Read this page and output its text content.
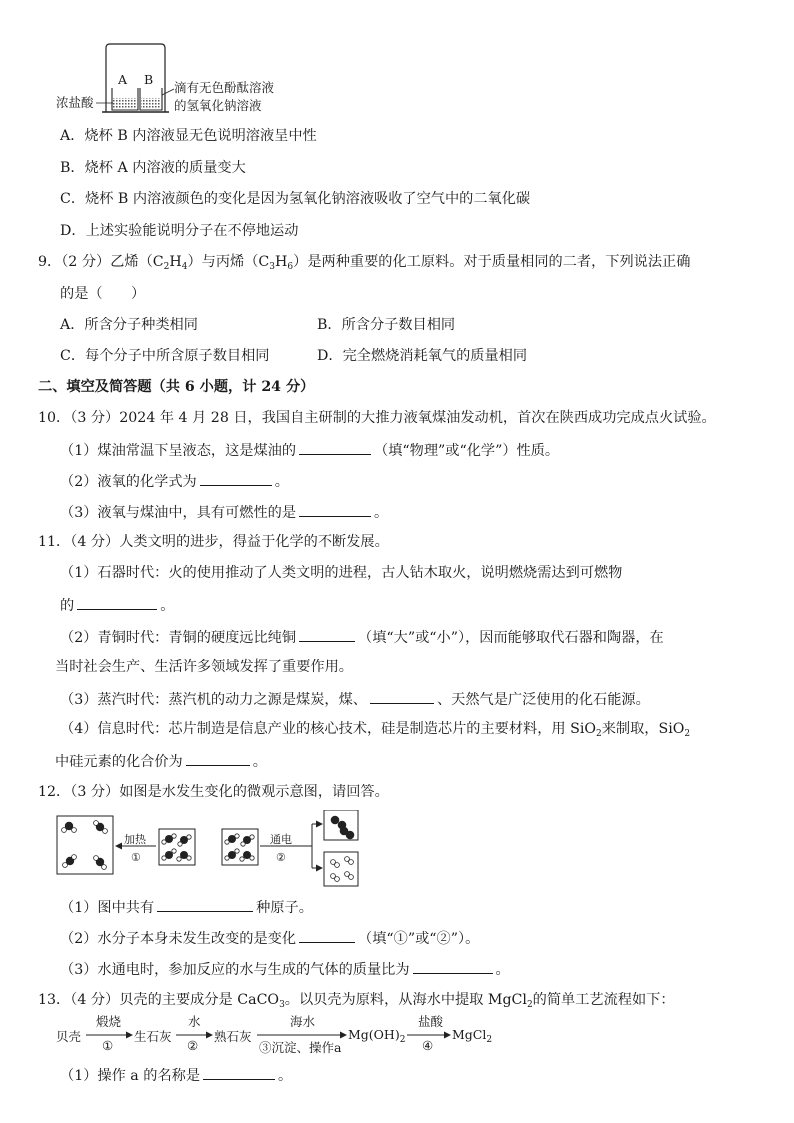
浓盐酸
A B
滴有无色酚酞溶液
的氢氧化钠溶液
A．烧杯 B 内溶液显无色说明溶液呈中性
B．烧杯 A 内溶液的质量变大
C．烧杯 B 内溶液颜色的变化是因为氢氧化钠溶液吸收了空气中的二氧化碳
D．上述实验能说明分子在不停地运动
9．（2 分）乙烯$(C_2H_4)$与丙烯$(C_3H_6)$是两种重要的化工原料。对于质量相同的二者，下列说法正确
的是（　　）
A．所含分子种类相同	B．所含分子数目相同
C．每个分子中所含原子数目相同	D．完全燃烧消耗氧气的质量相同
二、填空及简答题（共 6 小题，计 24 分）
10．（3 分）2024 年 4 月 28 日，我国自主研制的大推力液氧煤油发动机，首次在陕西成功完成点火试验。
（1）煤油常温下呈液态，这是煤油的	（填“物理”或“化学”）性质。
（2）液氧的化学式为	。
（3）液氧与煤油中，具有可燃性的是	。
11．（4 分）人类文明的进步，得益于化学的不断发展。
（1）石器时代：火的使用推动了人类文明的进程，古人钻木取火，说明燃烧需达到可燃物
的	。
（2）青铜时代：青铜的硬度远比纯铜	（填“大”或“小”），因而能够取代石器和陶器，在
当时社会生产、生活许多领域发挥了重要作用。
（3）蒸汽时代：蒸汽机的动力之源是煤炭，煤、	、天然气是广泛使用的化石能源。
（4）信息时代：芯片制造是信息产业的核心技术，硅是制造芯片的主要材料，用 SiO$_2$来制取，SiO$_2$
中硅元素的化合价为	。
12．（3 分）如图是水发生变化的微观示意图，请回答。
加热
①
通电
②
（1）图中共有	种原子。
（2）水分子本身未发生改变的是变化	（填“①”或“②”）。
（3）水通电时，参加反应的水与生成的气体的质量比为	。
13．（4 分）贝壳的主要成分是 CaCO$_3$。以贝壳为原料，从海水中提取 MgCl$_2$的简单工艺流程如下：
贝壳	生石灰	熟石灰	$Mg(OH)_2$	MgCl$_2$
煅烧
①
水
②
海水
③沉淀、操作a
盐酸
④
（1）操作 a 的名称是	。
